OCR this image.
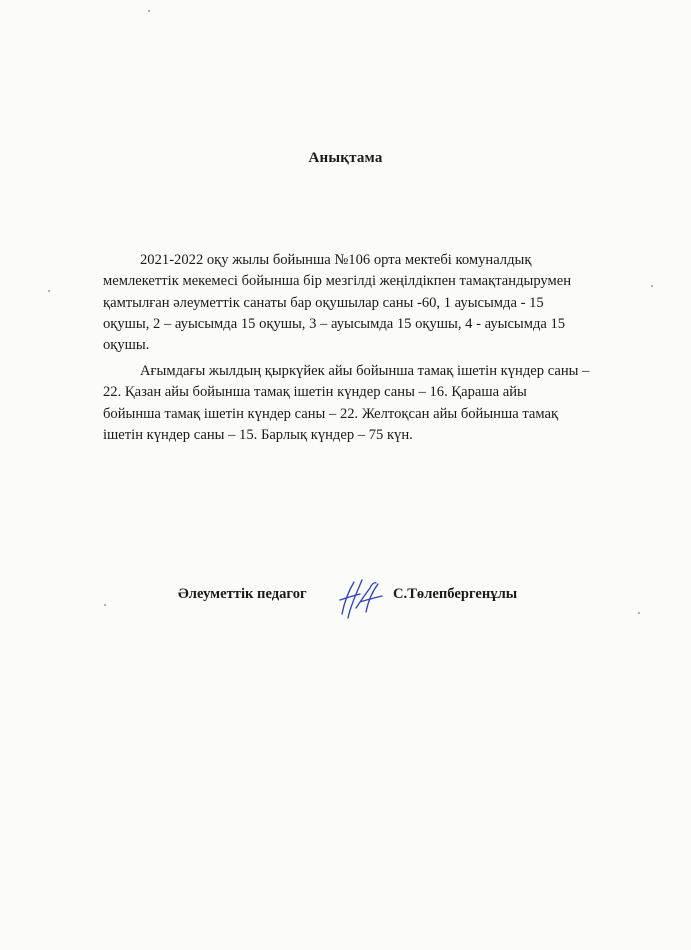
Анықтама

2021-2022 оқу жылы бойынша №106 орта мектебі комуналдық
мемлекеттік мекемесі бойынша бір мезгілді жеңілдікпен тамақтандырумен
қамтылған әлеуметтік санаты бар оқушылар саны -60, 1 ауысымда - 15
оқушы, 2 – ауысымда 15 оқушы, 3 – ауысымда 15 оқушы, 4 - ауысымда 15
оқушы.

Ағымдағы жылдың қыркүйек айы бойынша тамақ ішетін күндер саны –
22. Қазан айы бойынша тамақ ішетін күндер саны – 16. Қараша айы
бойынша тамақ ішетін күндер саны – 22. Желтоқсан айы бойынша тамақ
ішетін күндер саны – 15. Барлық күндер – 75 күн.

Әлеуметтік педагог	С.Төлепбергенұлы
